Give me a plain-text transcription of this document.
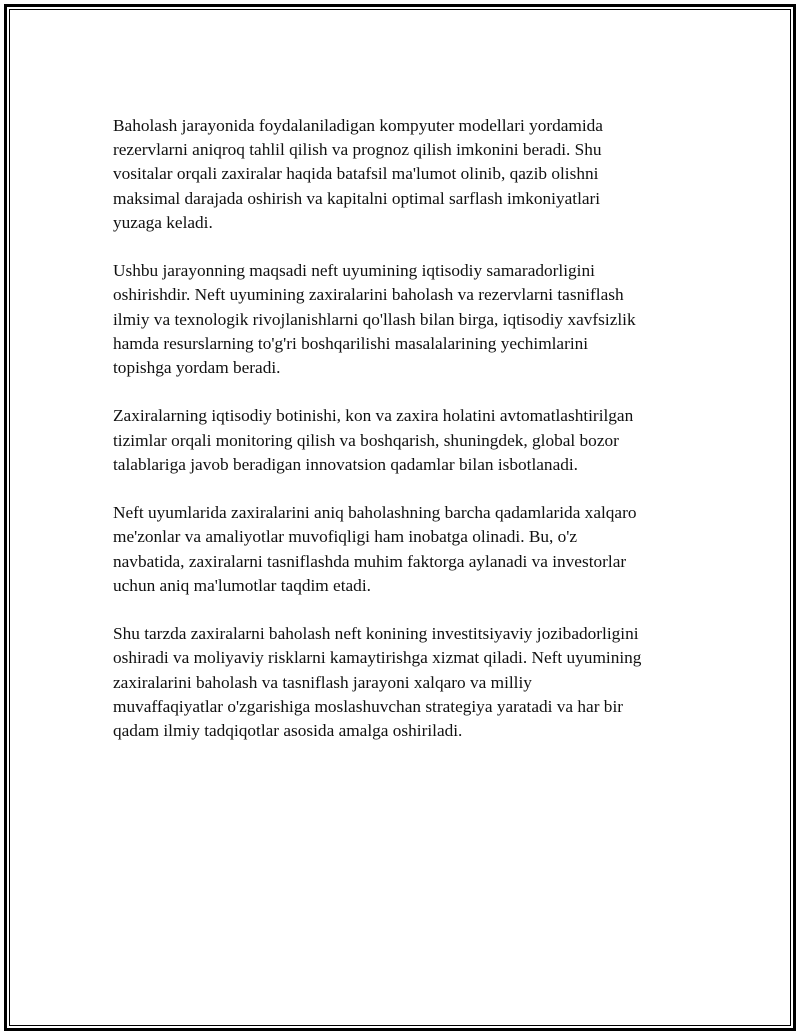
Baholash jarayonida foydalaniladigan kompyuter modellari yordamida
rezervlarni aniqroq tahlil qilish va prognoz qilish imkonini beradi. Shu
vositalar orqali zaxiralar haqida batafsil ma'lumot olinib, qazib olishni
maksimal darajada oshirish va kapitalni optimal sarflash imkoniyatlari
yuzaga keladi.

Ushbu jarayonning maqsadi neft uyumining iqtisodiy samaradorligini
oshirishdir. Neft uyumining zaxiralarini baholash va rezervlarni tasniflash
ilmiy va texnologik rivojlanishlarni qo'llash bilan birga, iqtisodiy xavfsizlik
hamda resurslarning to'g'ri boshqarilishi masalalarining yechimlarini
topishga yordam beradi.

Zaxiralarning iqtisodiy botinishi, kon va zaxira holatini avtomatlashtirilgan
tizimlar orqali monitoring qilish va boshqarish, shuningdek, global bozor
talablariga javob beradigan innovatsion qadamlar bilan isbotlanadi.

Neft uyumlarida zaxiralarini aniq baholashning barcha qadamlarida xalqaro
me'zonlar va amaliyotlar muvofiqligi ham inobatga olinadi. Bu, o'z
navbatida, zaxiralarni tasniflashda muhim faktorga aylanadi va investorlar
uchun aniq ma'lumotlar taqdim etadi.

Shu tarzda zaxiralarni baholash neft konining investitsiyaviy jozibadorligini
oshiradi va moliyaviy risklarni kamaytirishga xizmat qiladi. Neft uyumining
zaxiralarini baholash va tasniflash jarayoni xalqaro va milliy
muvaffaqiyatlar o'zgarishiga moslashuvchan strategiya yaratadi va har bir
qadam ilmiy tadqiqotlar asosida amalga oshiriladi.
